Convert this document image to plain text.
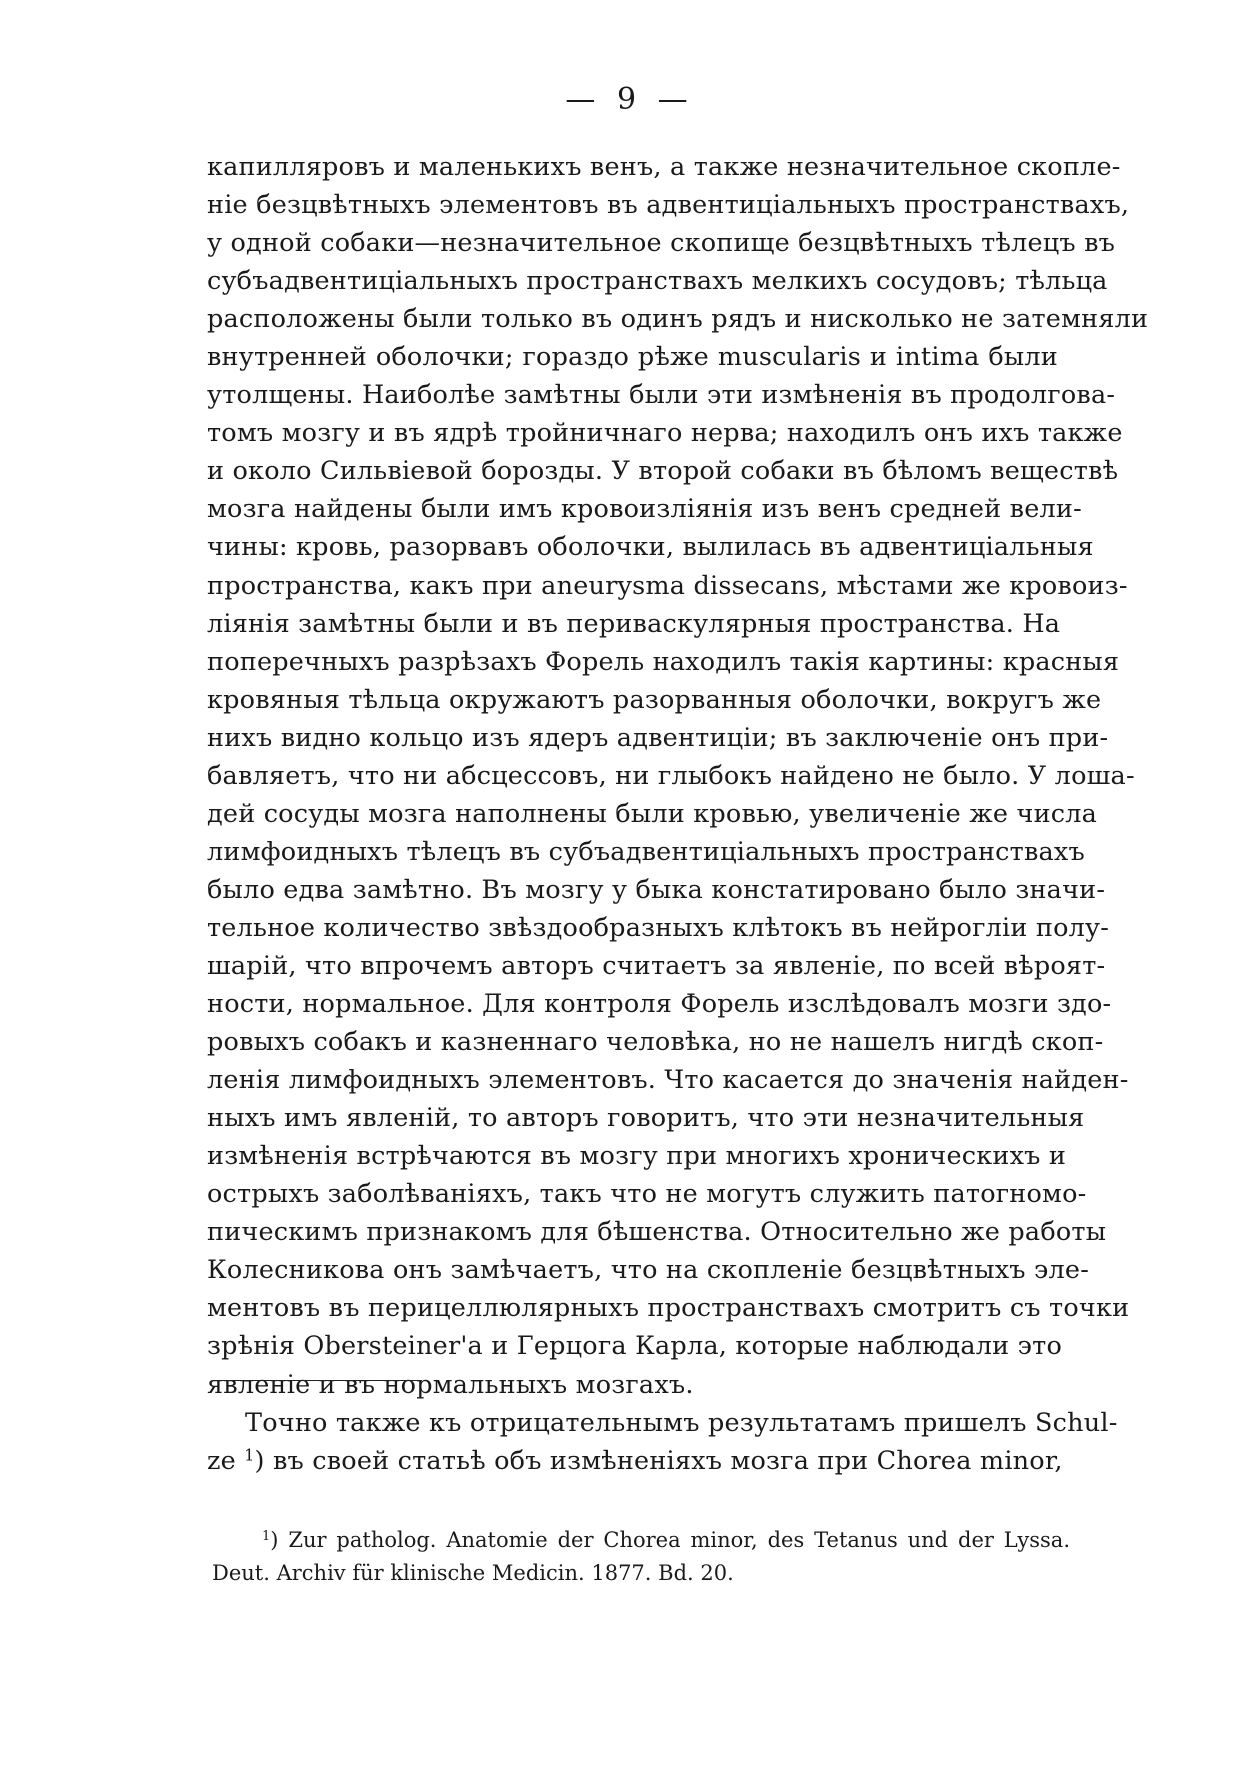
— 9 —
капилляровъ и маленькихъ венъ, а также незначительное скопле-
ніе безцвѣтныхъ элементовъ въ адвентиціальныхъ пространствахъ,
у одной собаки—незначительное скопище безцвѣтныхъ тѣлецъ въ
субъадвентиціальныхъ пространствахъ мелкихъ сосудовъ; тѣльца
расположены были только въ одинъ рядъ и нисколько не затемняли
внутренней оболочки; гораздо рѣже muscularis и intima были
утолщены. Наиболѣе замѣтны были эти измѣненія въ продолгова-
томъ мозгу и въ ядрѣ тройничнаго нерва; находилъ онъ ихъ также
и около Сильвіевой борозды. У второй собаки въ бѣломъ веществѣ
мозга найдены были имъ кровоизліянія изъ венъ средней вели-
чины: кровь, разорвавъ оболочки, вылилась въ адвентиціальныя
пространства, какъ при aneurysma dissecans, мѣстами же кровоиз-
ліянія замѣтны были и въ периваскулярныя пространства. На
поперечныхъ разрѣзахъ Форель находилъ такія картины: красныя
кровяныя тѣльца окружаютъ разорванныя оболочки, вокругъ же
нихъ видно кольцо изъ ядеръ адвентиціи; въ заключеніе онъ при-
бавляетъ, что ни абсцессовъ, ни глыбокъ найдено не было. У лоша-
дей сосуды мозга наполнены были кровью, увеличеніе же числа
лимфоидныхъ тѣлецъ въ субъадвентиціальныхъ пространствахъ
было едва замѣтно. Въ мозгу у быка констатировано было значи-
тельное количество звѣздообразныхъ клѣтокъ въ нейрогліи полу-
шарій, что впрочемъ авторъ считаетъ за явленіе, по всей вѣроят-
ности, нормальное. Для контроля Форель изслѣдовалъ мозги здо-
ровыхъ собакъ и казненнаго человѣка, но не нашелъ нигдѣ скоп-
ленія лимфоидныхъ элементовъ. Что касается до значенія найден-
ныхъ имъ явленій, то авторъ говоритъ, что эти незначительныя
измѣненія встрѣчаются въ мозгу при многихъ хроническихъ и
острыхъ заболѣваніяхъ, такъ что не могутъ служить патогномо-
пическимъ признакомъ для бѣшенства. Относительно же работы
Колесникова онъ замѣчаетъ, что на скопленіе безцвѣтныхъ эле-
ментовъ въ перицеллюлярныхъ пространствахъ смотритъ съ точки
зрѣнія Obersteiner'а и Герцога Карла, которые наблюдали это
явленіе и въ нормальныхъ мозгахъ.
Точно также къ отрицательнымъ результатамъ пришелъ Schul-
ze $^1$) въ своей статьѣ объ измѣненіяхъ мозга при Chorea minor,
$^1$) Zur patholog. Anatomie der Chorea minor, des Tetanus und der Lyssa.
Deut. Archiv für klinische Medicin. 1877. Bd. 20.
